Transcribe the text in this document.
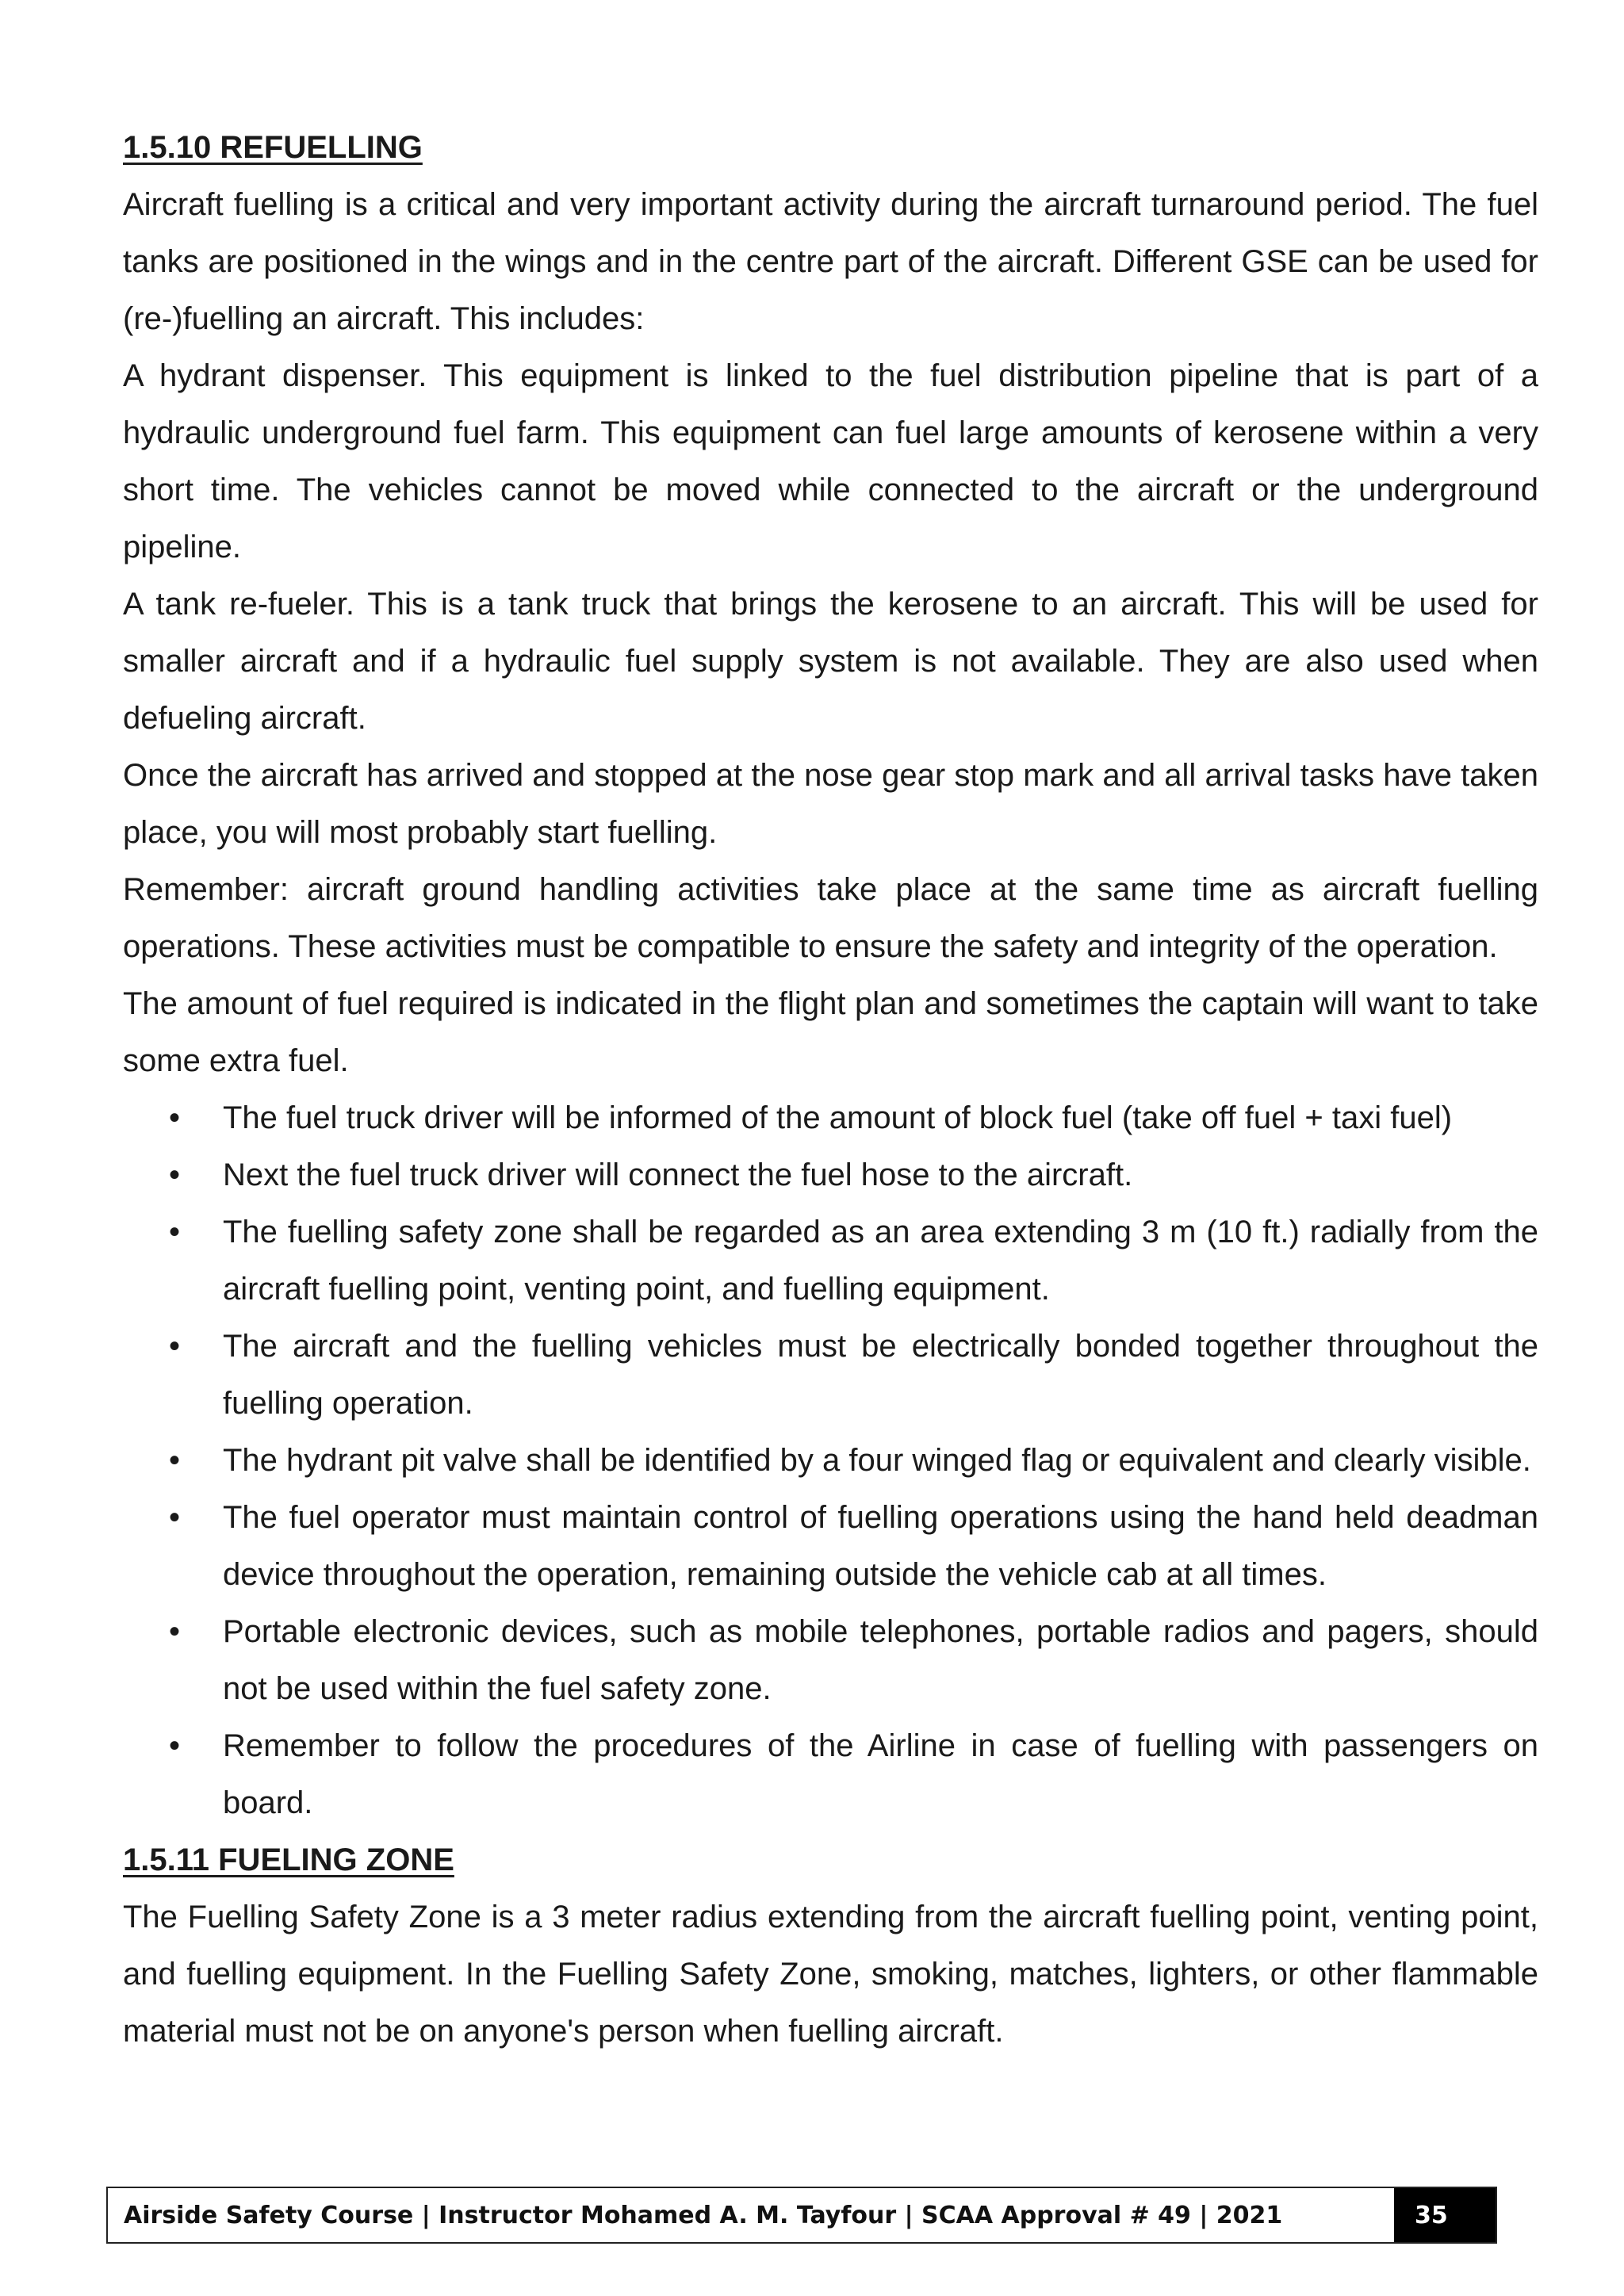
1.5.10 REFUELLING

Aircraft fuelling is a critical and very important activity during the aircraft turnaround period. The fuel tanks are positioned in the wings and in the centre part of the aircraft. Different GSE can be used for (re-)fuelling an aircraft. This includes:

A hydrant dispenser. This equipment is linked to the fuel distribution pipeline that is part of a hydraulic underground fuel farm. This equipment can fuel large amounts of kerosene within a very short time. The vehicles cannot be moved while connected to the aircraft or the underground pipeline.

A tank re-fueler. This is a tank truck that brings the kerosene to an aircraft. This will be used for smaller aircraft and if a hydraulic fuel supply system is not available. They are also used when defueling aircraft.

Once the aircraft has arrived and stopped at the nose gear stop mark and all arrival tasks have taken place, you will most probably start fuelling.

Remember: aircraft ground handling activities take place at the same time as aircraft fuelling operations. These activities must be compatible to ensure the safety and integrity of the operation.

The amount of fuel required is indicated in the flight plan and sometimes the captain will want to take some extra fuel.

• The fuel truck driver will be informed of the amount of block fuel (take off fuel + taxi fuel)
• Next the fuel truck driver will connect the fuel hose to the aircraft.
• The fuelling safety zone shall be regarded as an area extending 3 m (10 ft.) radially from the aircraft fuelling point, venting point, and fuelling equipment.
• The aircraft and the fuelling vehicles must be electrically bonded together throughout the fuelling operation.
• The hydrant pit valve shall be identified by a four winged flag or equivalent and clearly visible.
• The fuel operator must maintain control of fuelling operations using the hand held deadman device throughout the operation, remaining outside the vehicle cab at all times.
• Portable electronic devices, such as mobile telephones, portable radios and pagers, should not be used within the fuel safety zone.
• Remember to follow the procedures of the Airline in case of fuelling with passengers on board.
1.5.11 FUELING ZONE

The Fuelling Safety Zone is a 3 meter radius extending from the aircraft fuelling point, venting point, and fuelling equipment. In the Fuelling Safety Zone, smoking, matches, lighters, or other flammable material must not be on anyone's person when fuelling aircraft.

Airside Safety Course | Instructor Mohamed A. M. Tayfour | SCAA Approval # 49 | 2021	35
